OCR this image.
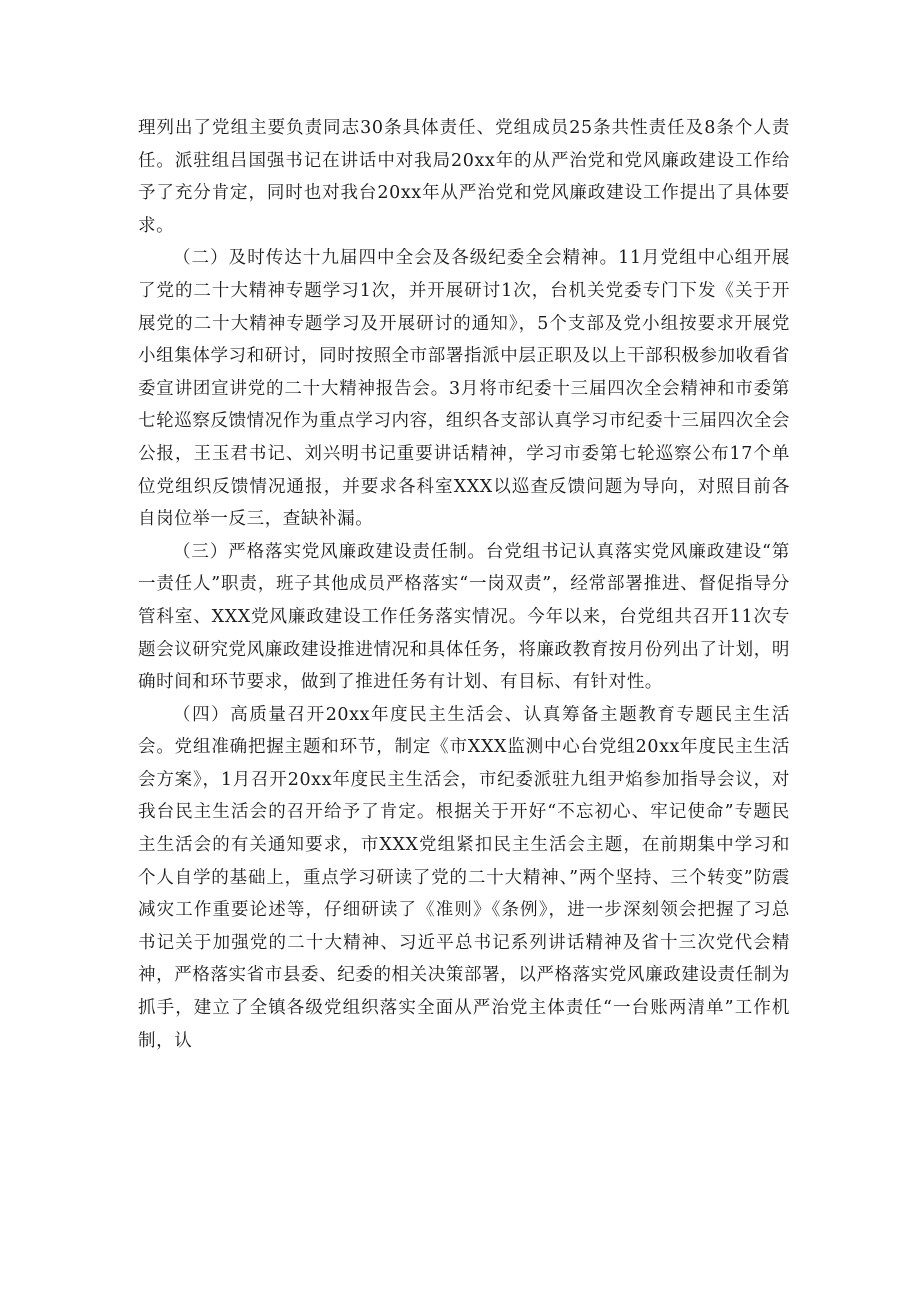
理列出了党组主要负责同志30条具体责任、党组成员25条共性责任及8条个人责任。派驻组吕国强书记在讲话中对我局20xx年的从严治党和党风廉政建设工作给予了充分肯定，同时也对我台20xx年从严治党和党风廉政建设工作提出了具体要求。

（二）及时传达十九届四中全会及各级纪委全会精神。11月党组中心组开展了党的二十大精神专题学习1次，并开展研讨1次，台机关党委专门下发《关于开展党的二十大精神专题学习及开展研讨的通知》，5个支部及党小组按要求开展党小组集体学习和研讨，同时按照全市部署指派中层正职及以上干部积极参加收看省委宣讲团宣讲党的二十大精神报告会。3月将市纪委十三届四次全会精神和市委第七轮巡察反馈情况作为重点学习内容，组织各支部认真学习市纪委十三届四次全会公报，王玉君书记、刘兴明书记重要讲话精神，学习市委第七轮巡察公布17个单位党组织反馈情况通报，并要求各科室XXX以巡查反馈问题为导向，对照目前各自岗位举一反三，查缺补漏。

（三）严格落实党风廉政建设责任制。台党组书记认真落实党风廉政建设“第一责任人”职责，班子其他成员严格落实“一岗双责”，经常部署推进、督促指导分管科室、XXX党风廉政建设工作任务落实情况。今年以来，台党组共召开11次专题会议研究党风廉政建设推进情况和具体任务，将廉政教育按月份列出了计划，明确时间和环节要求，做到了推进任务有计划、有目标、有针对性。

（四）高质量召开20xx年度民主生活会、认真筹备主题教育专题民主生活会。党组准确把握主题和环节，制定《市XXX监测中心台党组20xx年度民主生活会方案》，1月召开20xx年度民主生活会，市纪委派驻九组尹焰参加指导会议，对我台民主生活会的召开给予了肯定。根据关于开好“不忘初心、牢记使命”专题民主生活会的有关通知要求，市XXX党组紧扣民主生活会主题，在前期集中学习和个人自学的基础上，重点学习研读了党的二十大精神、”两个坚持、三个转变”防震减灾工作重要论述等，仔细研读了《准则》《条例》，进一步深刻领会把握了习总书记关于加强党的二十大精神、习近平总书记系列讲话精神及省十三次党代会精神，严格落实省市县委、纪委的相关决策部署，以严格落实党风廉政建设责任制为抓手，建立了全镇各级党组织落实全面从严治党主体责任“一台账两清单”工作机制，认
